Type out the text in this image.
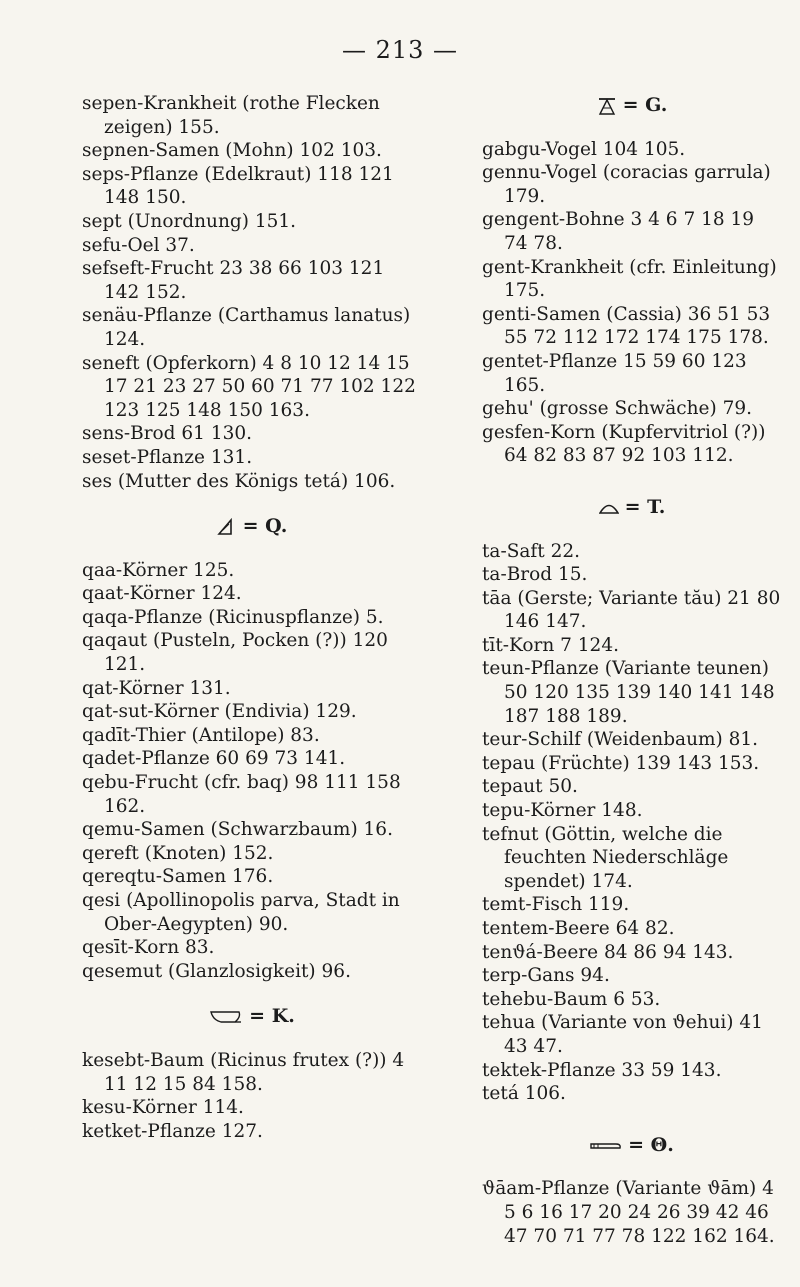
— 213 —
sepen-Krankheit (rothe Flecken zeigen) 155.
sepnen-Samen (Mohn) 102 103.
seps-Pflanze (Edelkraut) 118 121 148 150.
sept (Unordnung) 151.
sefu-Oel 37.
sefseft-Frucht 23 38 66 103 121 142 152.
senäu-Pflanze (Carthamus lanatus) 124.
seneft (Opferkorn) 4 8 10 12 14 15 17 21 23 27 50 60 71 77 102 122 123 125 148 150 163.
sens-Brod 61 130.
seset-Pflanze 131.
ses (Mutter des Königs tetá) 106.
= Q.
qaa-Körner 125.
qaat-Körner 124.
qaqa-Pflanze (Ricinuspflanze) 5.
qaqaut (Pusteln, Pocken (?)) 120 121.
qat-Körner 131.
qat-sut-Körner (Endivia) 129.
qadīt-Thier (Antilope) 83.
qadet-Pflanze 60 69 73 141.
qebu-Frucht (cfr. baq) 98 111 158 162.
qemu-Samen (Schwarzbaum) 16.
qereft (Knoten) 152.
qereqtu-Samen 176.
qesi (Apollinopolis parva, Stadt in Ober-Aegypten) 90.
qesīt-Korn 83.
qesemut (Glanzlosigkeit) 96.
= K.
kesebt-Baum (Ricinus frutex (?)) 4 11 12 15 84 158.
kesu-Körner 114.
ketket-Pflanze 127.
= G.
gabgu-Vogel 104 105.
gennu-Vogel (coracias garrula) 179.
gengent-Bohne 3 4 6 7 18 19 74 78.
gent-Krankheit (cfr. Einleitung) 175.
genti-Samen (Cassia) 36 51 53 55 72 112 172 174 175 178.
gentet-Pflanze 15 59 60 123 165.
gehu' (grosse Schwäche) 79.
gesfen-Korn (Kupfervitriol (?)) 64 82 83 87 92 103 112.
= T.
ta-Saft 22.
ta-Brod 15.
tāa (Gerste; Variante tău) 21 80 146 147.
tīt-Korn 7 124.
teun-Pflanze (Variante teunen) 50 120 135 139 140 141 148 187 188 189.
teur-Schilf (Weidenbaum) 81.
tepau (Früchte) 139 143 153.
tepaut 50.
tepu-Körner 148.
tefnut (Göttin, welche die feuchten Niederschläge spendet) 174.
temt-Fisch 119.
tentem-Beere 64 82.
tenϑá-Beere 84 86 94 143.
terp-Gans 94.
tehebu-Baum 6 53.
tehua (Variante von ϑehui) 41 43 47.
tektek-Pflanze 33 59 143.
tetá 106.
= Θ.
ϑāam-Pflanze (Variante ϑām) 4 5 6 16 17 20 24 26 39 42 46 47 70 71 77 78 122 162 164.
